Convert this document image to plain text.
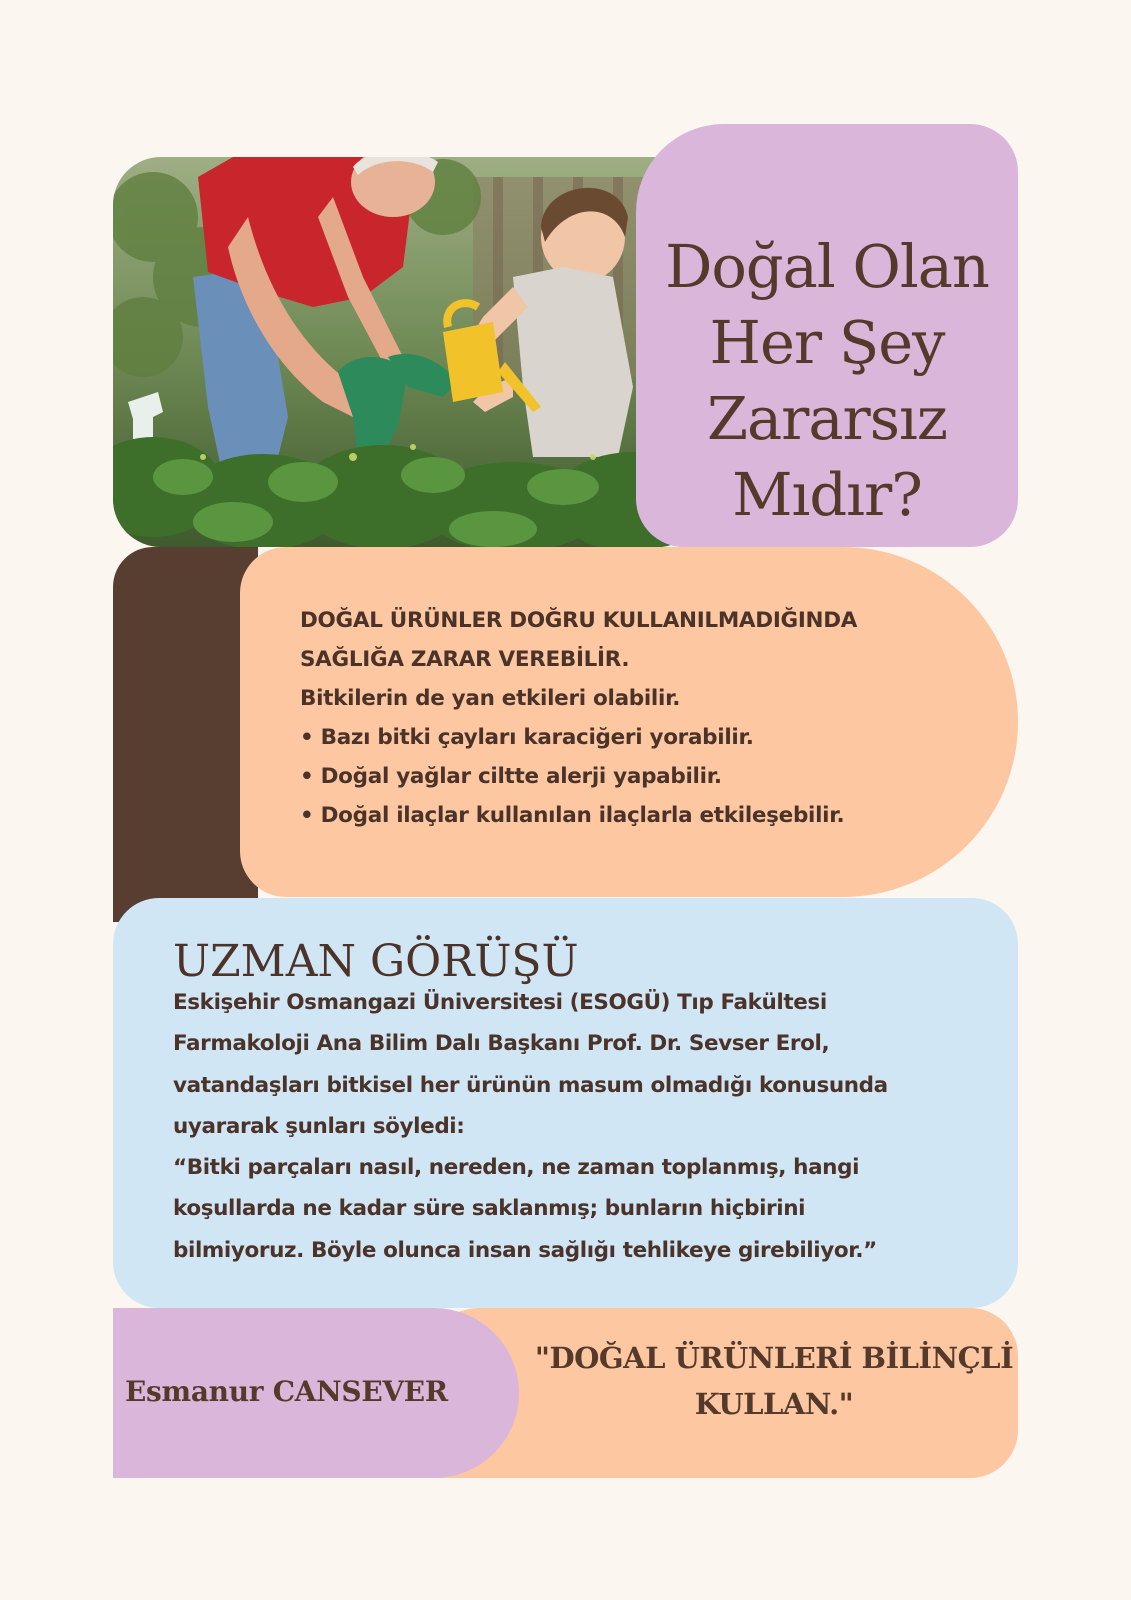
Doğal Olan
Her Şey
Zararsız
Mıdır?
DOĞAL ÜRÜNLER DOĞRU KULLANILMADIĞINDA
SAĞLIĞA ZARAR VEREBİLİR.
Bitkilerin de yan etkileri olabilir.
• Bazı bitki çayları karaciğeri yorabilir.
• Doğal yağlar ciltte alerji yapabilir.
• Doğal ilaçlar kullanılan ilaçlarla etkileşebilir.
UZMAN GÖRÜŞÜ
Eskişehir Osmangazi Üniversitesi (ESOGÜ) Tıp Fakültesi
Farmakoloji Ana Bilim Dalı Başkanı Prof. Dr. Sevser Erol,
vatandaşları bitkisel her ürünün masum olmadığı konusunda
uyararak şunları söyledi:
“Bitki parçaları nasıl, nereden, ne zaman toplanmış, hangi
koşullarda ne kadar süre saklanmış; bunların hiçbirini
bilmiyoruz. Böyle olunca insan sağlığı tehlikeye girebiliyor.”
"DOĞAL ÜRÜNLERİ BİLİNÇLİ
KULLAN."
Esmanur CANSEVER
